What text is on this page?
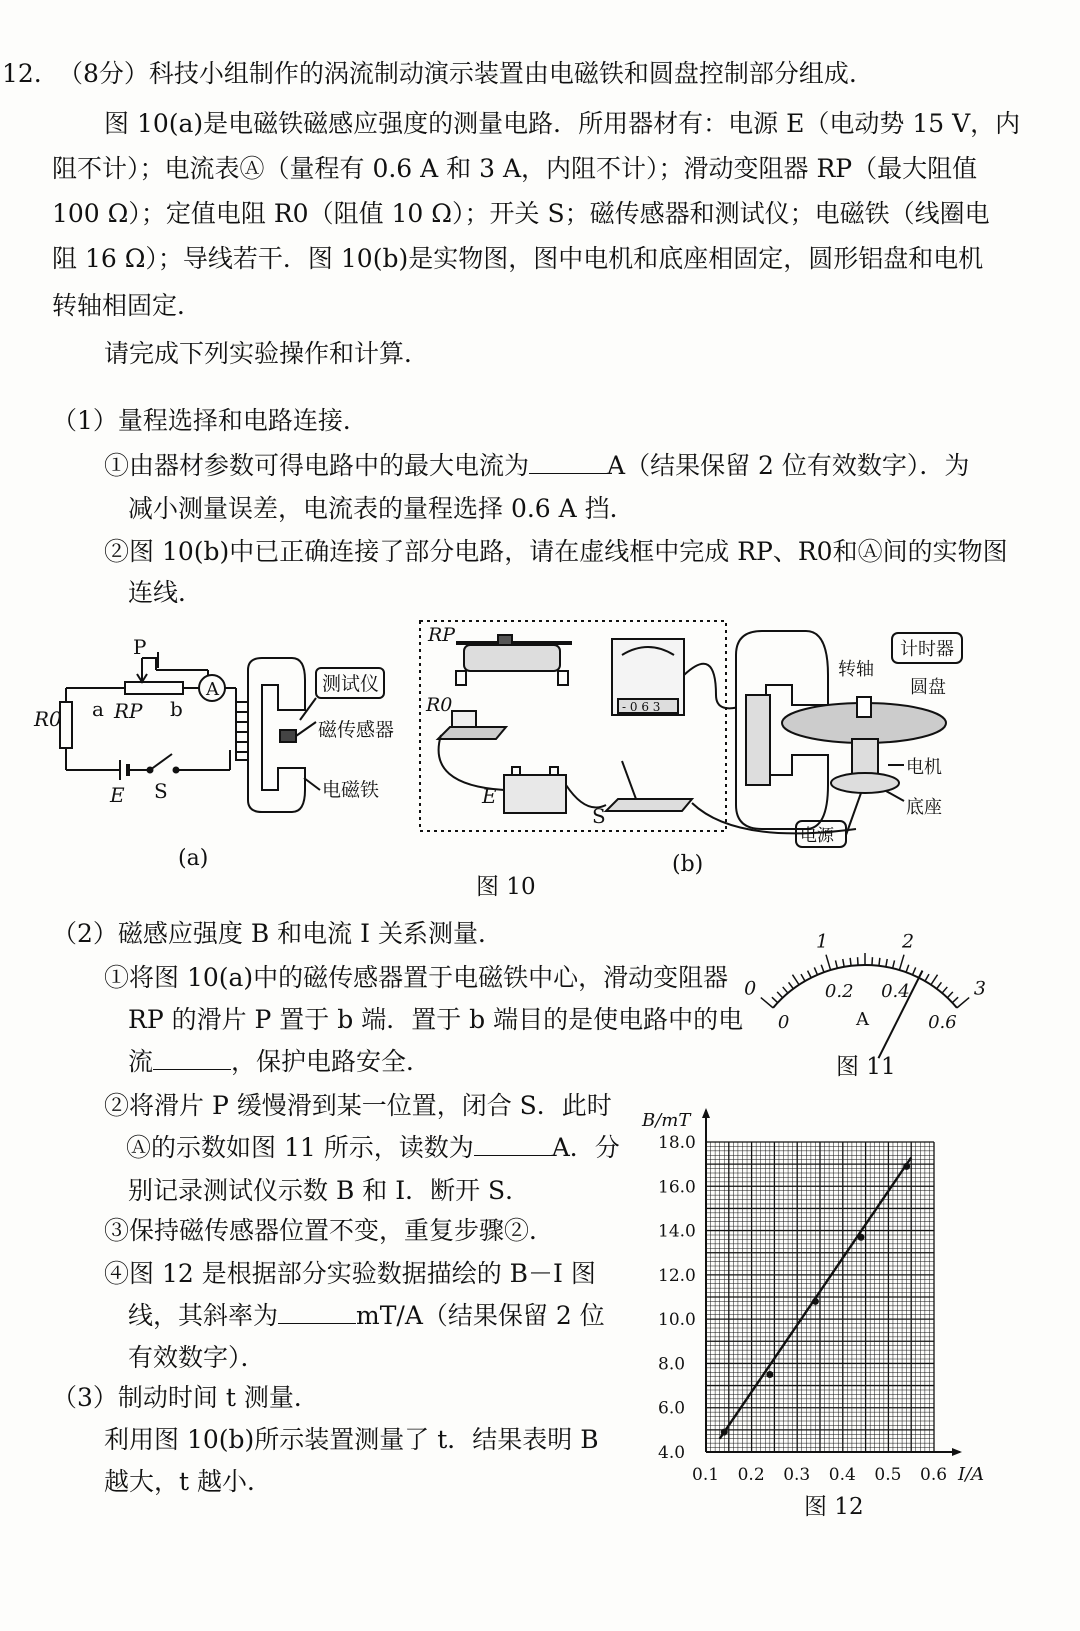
12. （8分）科技小组制作的涡流制动演示装置由电磁铁和圆盘控制部分组成.
图 10(a)是电磁铁磁感应强度的测量电路．所用器材有：电源 E（电动势 15 V，内
阻不计）；电流表Ⓐ（量程有 0.6 A 和 3 A，内阻不计）；滑动变阻器 RP（最大阻值
100 Ω）；定值电阻 R0（阻值 10 Ω）；开关 S；磁传感器和测试仪；电磁铁（线圈电
阻 16 Ω）；导线若干．图 10(b)是实物图，图中电机和底座相固定，圆形铝盘和电机
转轴相固定．
请完成下列实验操作和计算．
（1）量程选择和电路连接．
①由器材参数可得电路中的最大电流为	A（结果保留 2 位有效数字）．为
减小测量误差，电流表的量程选择 0.6 A 挡．
②图 10(b)中已正确连接了部分电路，请在虚线框中完成 RP、R0和Ⓐ间的实物图
连线．
A
P
a RP b
R0
E S
测试仪
磁传感器
电磁铁
(a)
RP
R0
E
S
- 0 6 3
计时器
转轴
圆盘
电机
底座
电源
(b)
图 10
（2）磁感应强度 B 和电流 I 关系测量．
①将图 10(a)中的磁传感器置于电磁铁中心，滑动变阻器
RP 的滑片 P 置于 b 端．置于 b 端目的是使电路中的电
流	，保护电路安全．
②将滑片 P 缓慢滑到某一位置，闭合 S．此时
Ⓐ的示数如图 11 所示，读数为	A．分
别记录测试仪示数 B 和 I．断开 S．
③保持磁传感器位置不变，重复步骤②．
④图 12 是根据部分实验数据描绘的 B－I 图
线，其斜率为	mT/A（结果保留 2 位
有效数字）．
（3）制动时间 t 测量．
利用图 10(b)所示装置测量了 t．结果表明 B
越大，t 越小．
0
1	2
3
0
0.2 0.4
0.6
A
图 11
4.0
6.0
8.0
10.0
12.0
14.0
16.0
18.0
0.1 0.2 0.3 0.4 0.5 0.6
B/mT
I/A
图 12
